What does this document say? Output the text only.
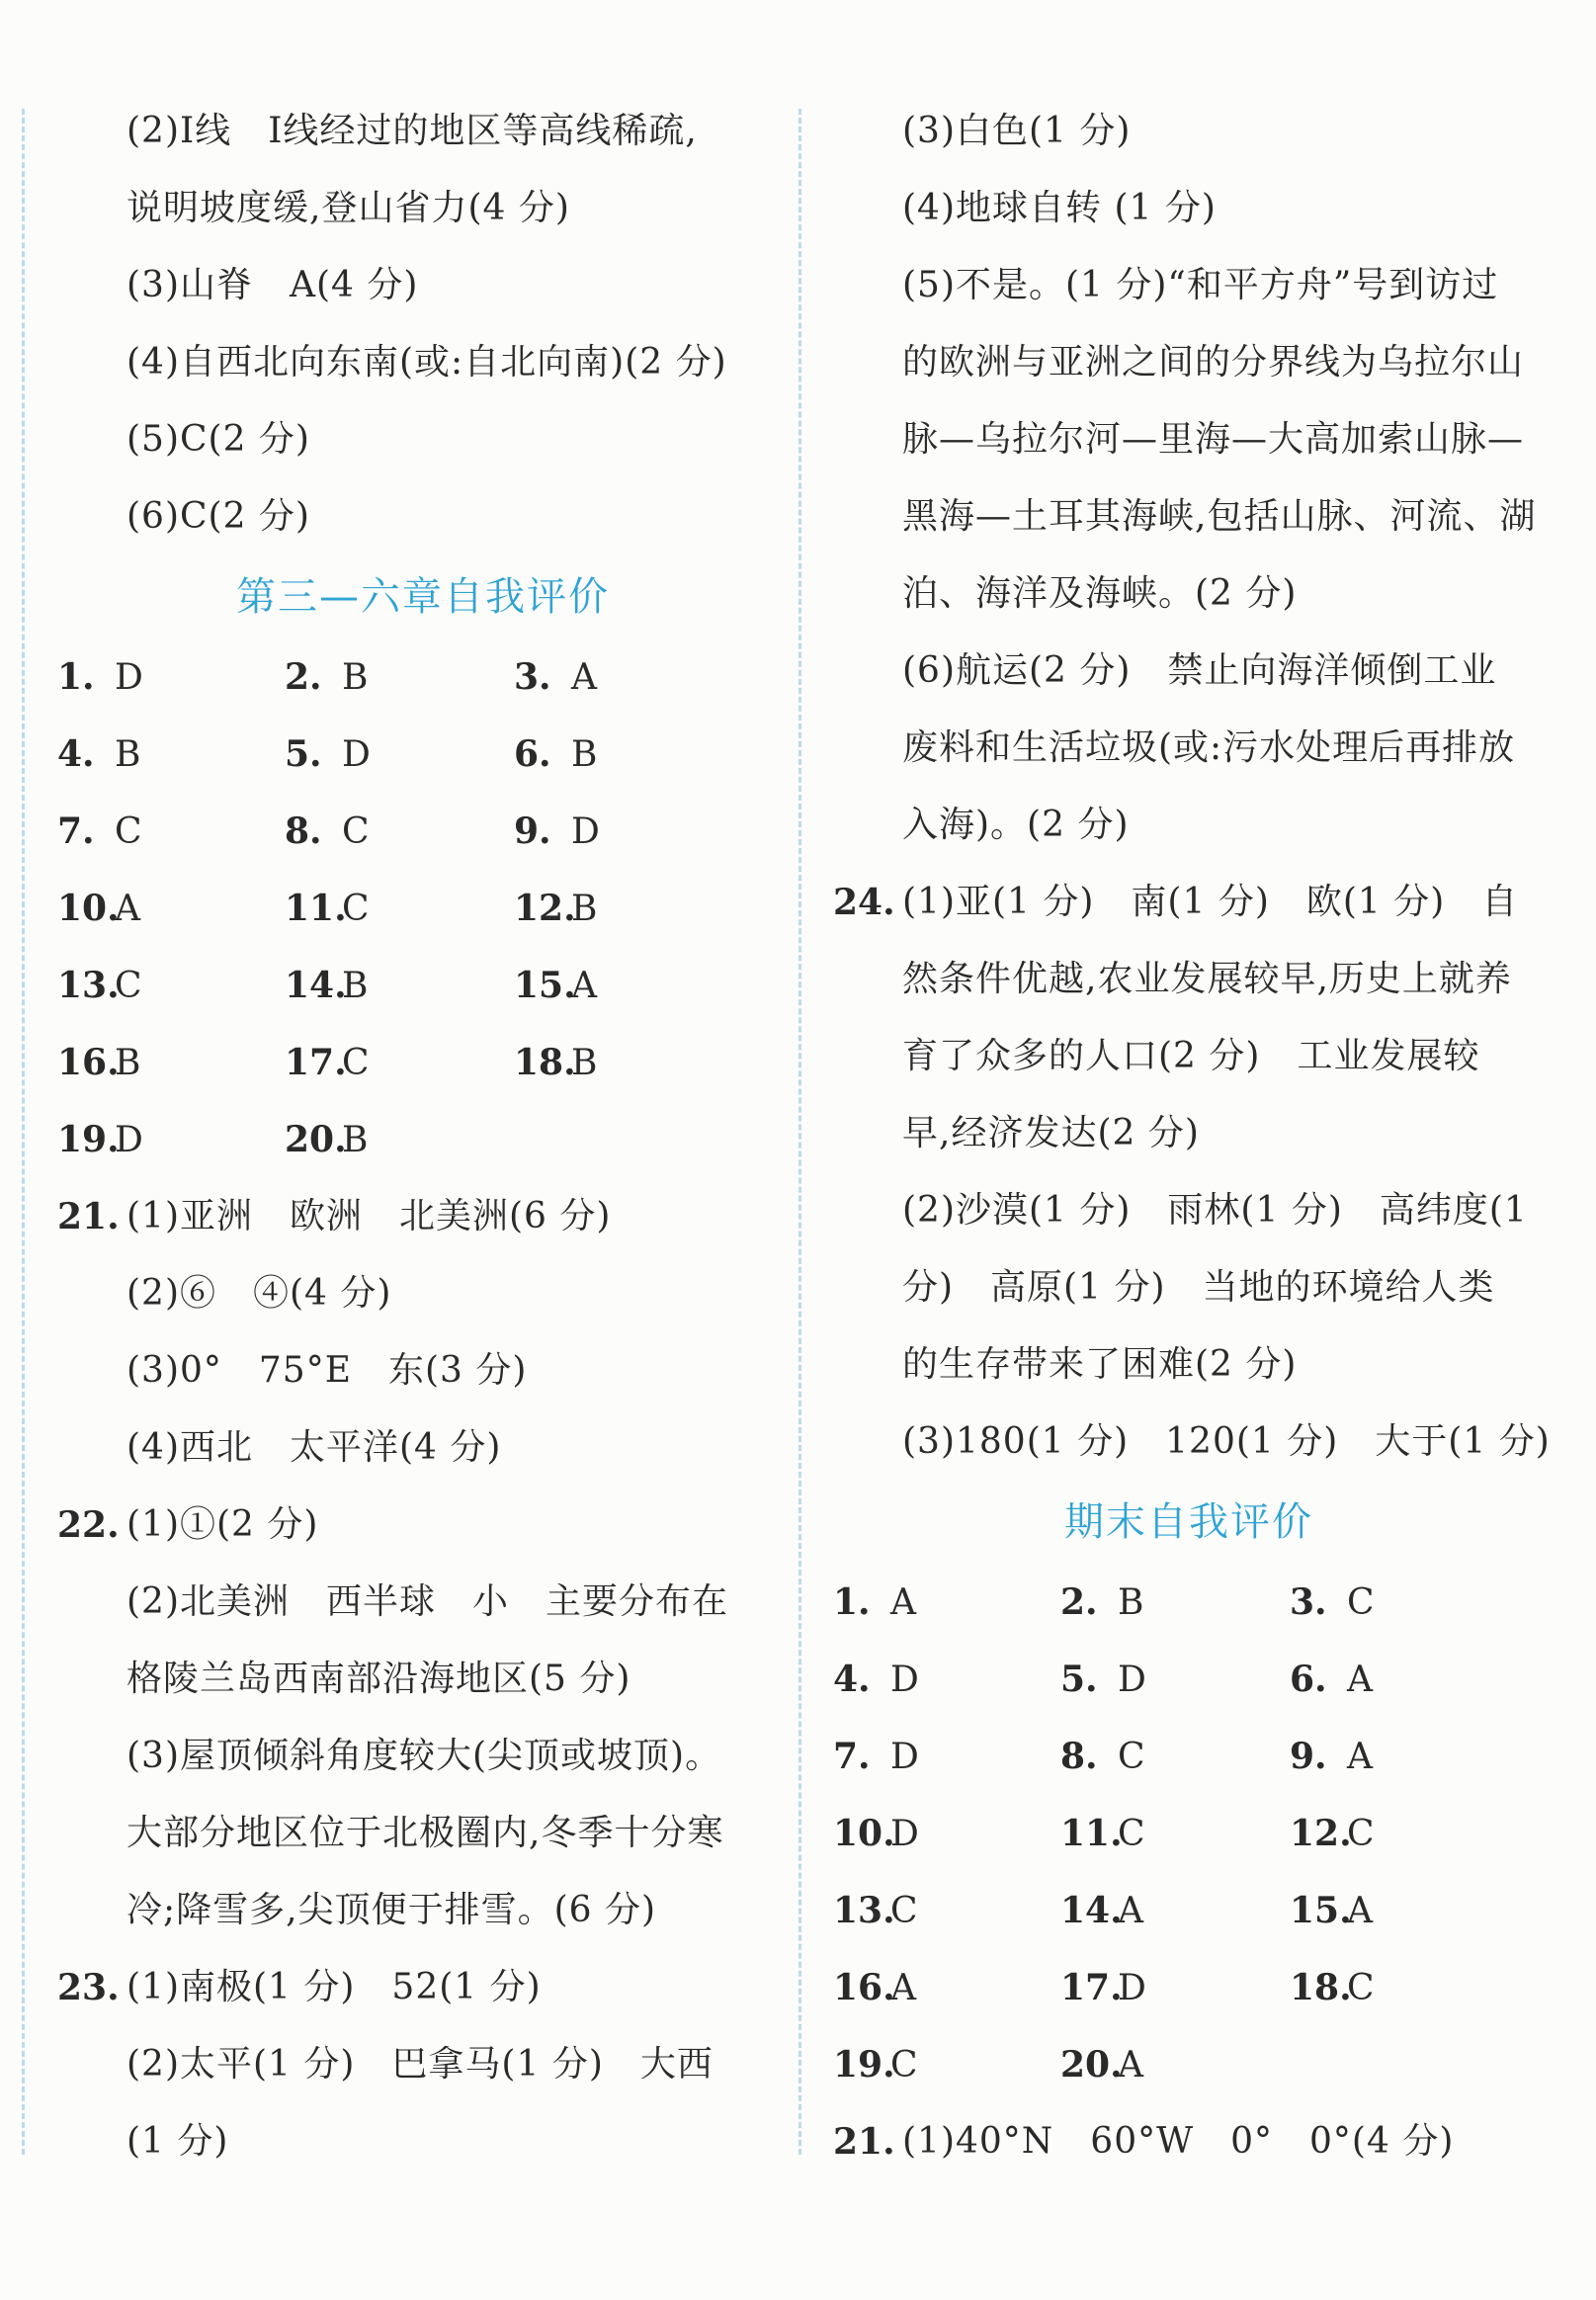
(2)Ⅰ线　Ⅰ线经过的地区等高线稀疏,
说明坡度缓,登山省力(4 分)
(3)山脊　A(4 分)
(4)自西北向东南(或:自北向南)(2 分)
(5)C(2 分)
(6)C(2 分)
第三—六章自我评价
1. D	2. B	3. A
4. B	5. D	6. B
7. C	8. C	9. D
10.A	11.C	12.B
13.C	14.B	15.A
16.B	17.C	18.B
19.D	20.B
21. (1)亚洲　欧洲　北美洲(6 分)
(2)⑥　④(4 分)
(3)0°　75°E　东(3 分)
(4)西北　太平洋(4 分)
22. (1)①(2 分)
(2)北美洲　西半球　小　主要分布在
格陵兰岛西南部沿海地区(5 分)
(3)屋顶倾斜角度较大(尖顶或坡顶)。
大部分地区位于北极圈内,冬季十分寒
冷;降雪多,尖顶便于排雪。(6 分)
23. (1)南极(1 分)　52(1 分)
(2)太平(1 分)　巴拿马(1 分)　大西
(1 分)
(3)白色(1 分)
(4)地球自转 (1 分)
(5)不是。(1 分)“和平方舟”号到访过
的欧洲与亚洲之间的分界线为乌拉尔山
脉—乌拉尔河—里海—大高加索山脉—
黑海—土耳其海峡,包括山脉、河流、湖
泊、海洋及海峡。(2 分)
(6)航运(2 分)　禁止向海洋倾倒工业
废料和生活垃圾(或:污水处理后再排放
入海)。(2 分)
24. (1)亚(1 分)　南(1 分)　欧(1 分)　自
然条件优越,农业发展较早,历史上就养
育了众多的人口(2 分)　工业发展较
早,经济发达(2 分)
(2)沙漠(1 分)　雨林(1 分)　高纬度(1
分)　高原(1 分)　当地的环境给人类
的生存带来了困难(2 分)
(3)180(1 分)　120(1 分)　大于(1 分)
期末自我评价
1. A	2. B	3. C
4. D	5. D	6. A
7. D	8. C	9. A
10.D	11.C	12.C
13.C	14.A	15.A
16.A	17.D	18.C
19.C	20.A
21. (1)40°N　60°W　0°　0°(4 分)
